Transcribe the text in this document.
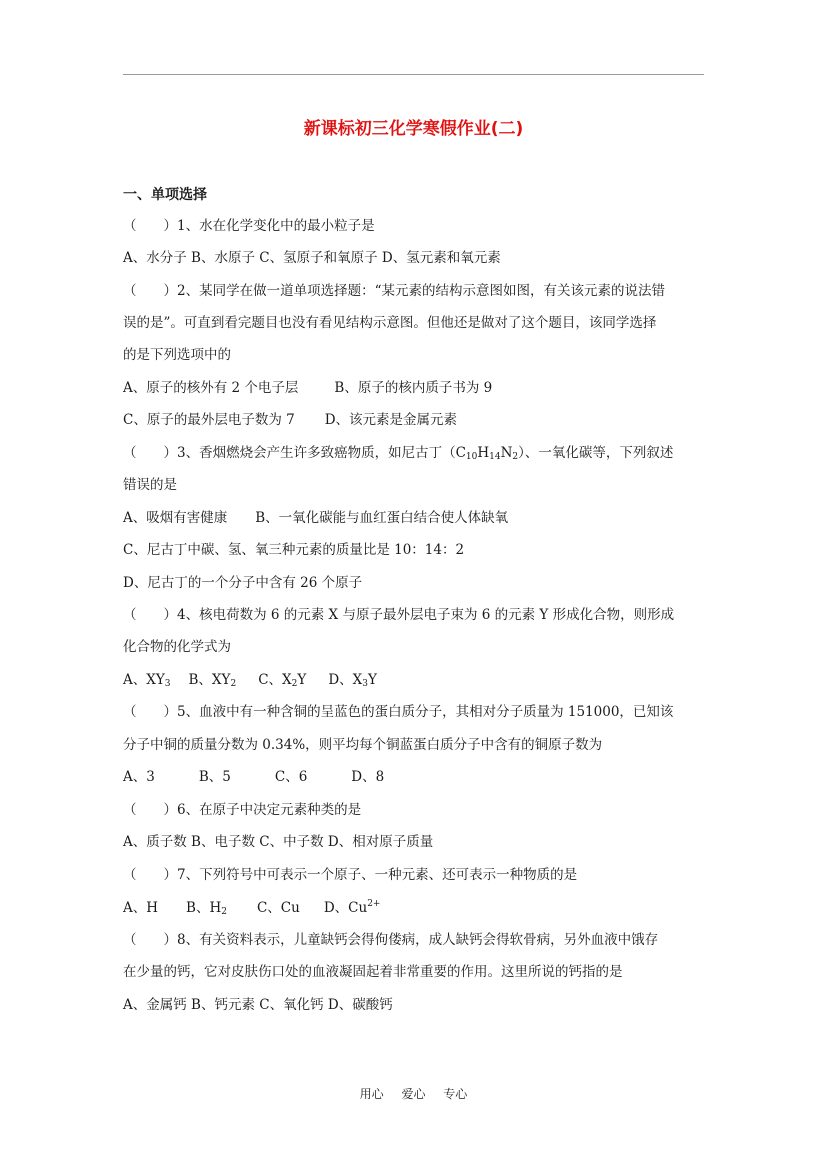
新课标初三化学寒假作业(二)
一、单项选择
（　　）1、水在化学变化中的最小粒子是
A、水分子 B、水原子 C、氢原子和氧原子 D、氢元素和氧元素
（　　）2、某同学在做一道单项选择题：“某元素的结构示意图如图，有关该元素的说法错
误的是”。可直到看完题目也没有看见结构示意图。但他还是做对了这个题目，该同学选择
的是下列选项中的
A、原子的核外有 2 个电子层	B、原子的核内质子书为 9
C、原子的最外层电子数为 7 D、该元素是金属元素
（　　）3、香烟燃烧会产生许多致癌物质，如尼古丁$(C_{10}H_{14}N_2)$、一氧化碳等，下列叙述
错误的是
A、吸烟有害健康 B、一氧化碳能与血红蛋白结合使人体缺氧
C、尼古丁中碳、氢、氧三种元素的质量比是 10：14：2
D、尼古丁的一个分子中含有 26 个原子
（　　）4、核电荷数为 6 的元素 X 与原子最外层电子束为 6 的元素 Y 形成化合物，则形成
化合物的化学式为
A、$XY_3$ B、$XY_2$ C、$X_2Y$ D、$X_3Y$
（　　）5、血液中有一种含铜的呈蓝色的蛋白质分子，其相对分子质量为 151000，已知该
分子中铜的质量分数为 0.34%，则平均每个铜蓝蛋白质分子中含有的铜原子数为
A、3	B、5	C、6	D、8
（　　）6、在原子中决定元素种类的是
A、质子数 B、电子数 C、中子数 D、相对原子质量
（　　）7、下列符号中可表示一个原子、一种元素、还可表示一种物质的是
A、H B、$H_2$ C、Cu D、$Cu^{2+}$
（　　）8、有关资料表示，儿童缺钙会得佝偻病，成人缺钙会得软骨病，另外血液中饿存
在少量的钙，它对皮肤伤口处的血液凝固起着非常重要的作用。这里所说的钙指的是
A、金属钙 B、钙元素 C、氧化钙 D、碳酸钙
用心 爱心 专心
